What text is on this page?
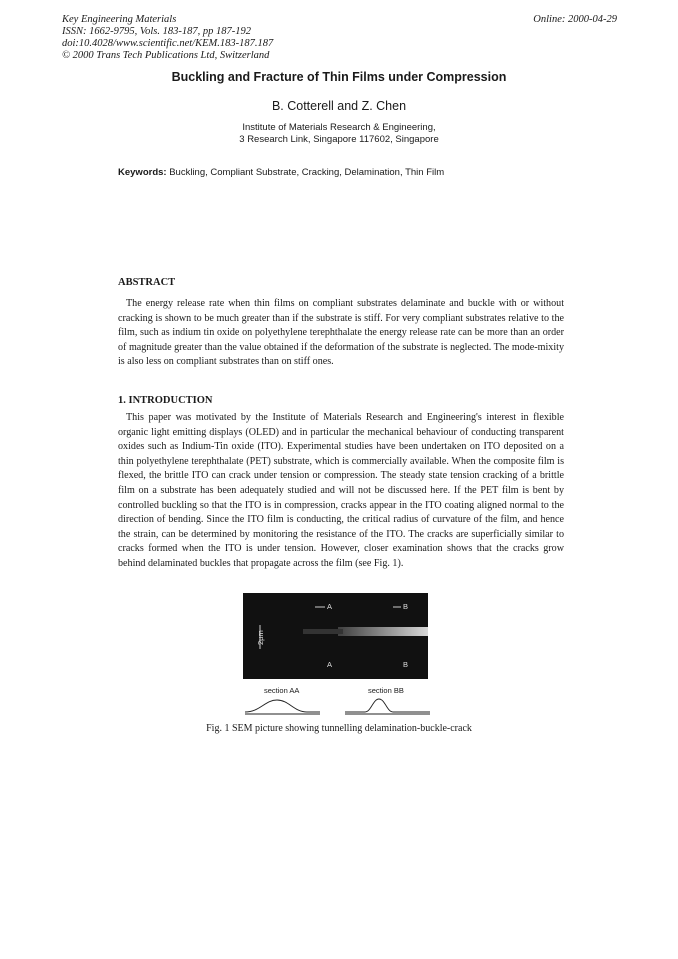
Key Engineering Materials
ISSN: 1662-9795, Vols. 183-187, pp 187-192
doi:10.4028/www.scientific.net/KEM.183-187.187
© 2000 Trans Tech Publications Ltd, Switzerland
Online: 2000-04-29
Buckling and Fracture of Thin Films under Compression
B. Cotterell and Z. Chen
Institute of Materials Research & Engineering,
3 Research Link, Singapore 117602, Singapore
Keywords: Buckling, Compliant Substrate, Cracking, Delamination, Thin Film
ABSTRACT

The energy release rate when thin films on compliant substrates delaminate and buckle with or without cracking is shown to be much greater than if the substrate is stiff. For very compliant substrates relative to the film, such as indium tin oxide on polyethylene terephthalate the energy release rate can be more than an order of magnitude greater than the value obtained if the deformation of the substrate is neglected. The mode-mixity is also less on compliant substrates than on stiff ones.

1. INTRODUCTION

This paper was motivated by the Institute of Materials Research and Engineering's interest in flexible organic light emitting displays (OLED) and in particular the mechanical behaviour of conducting transparent oxides such as Indium-Tin oxide (ITO). Experimental studies have been undertaken on ITO deposited on a thin polyethylene terephthalate (PET) substrate, which is commercially available. When the composite film is flexed, the brittle ITO can crack under tension or compression. The steady state tension cracking of a brittle film on a substrate has been adequately studied and will not be discussed here. If the PET film is bent by controlled buckling so that the ITO is in compression, cracks appear in the ITO coating aligned normal to the direction of bending. Since the ITO film is conducting, the critical radius of curvature of the film, and hence the strain, can be determined by monitoring the resistance of the ITO. The cracks are superficially similar to cracks formed when the ITO is under tension. However, closer examination shows that the cracks grow behind delaminated buckles that propagate across the film (see Fig. 1).

A	B
A	B
2µm
section AA	section BB
Fig. 1 SEM picture showing tunnelling delamination-buckle-crack
